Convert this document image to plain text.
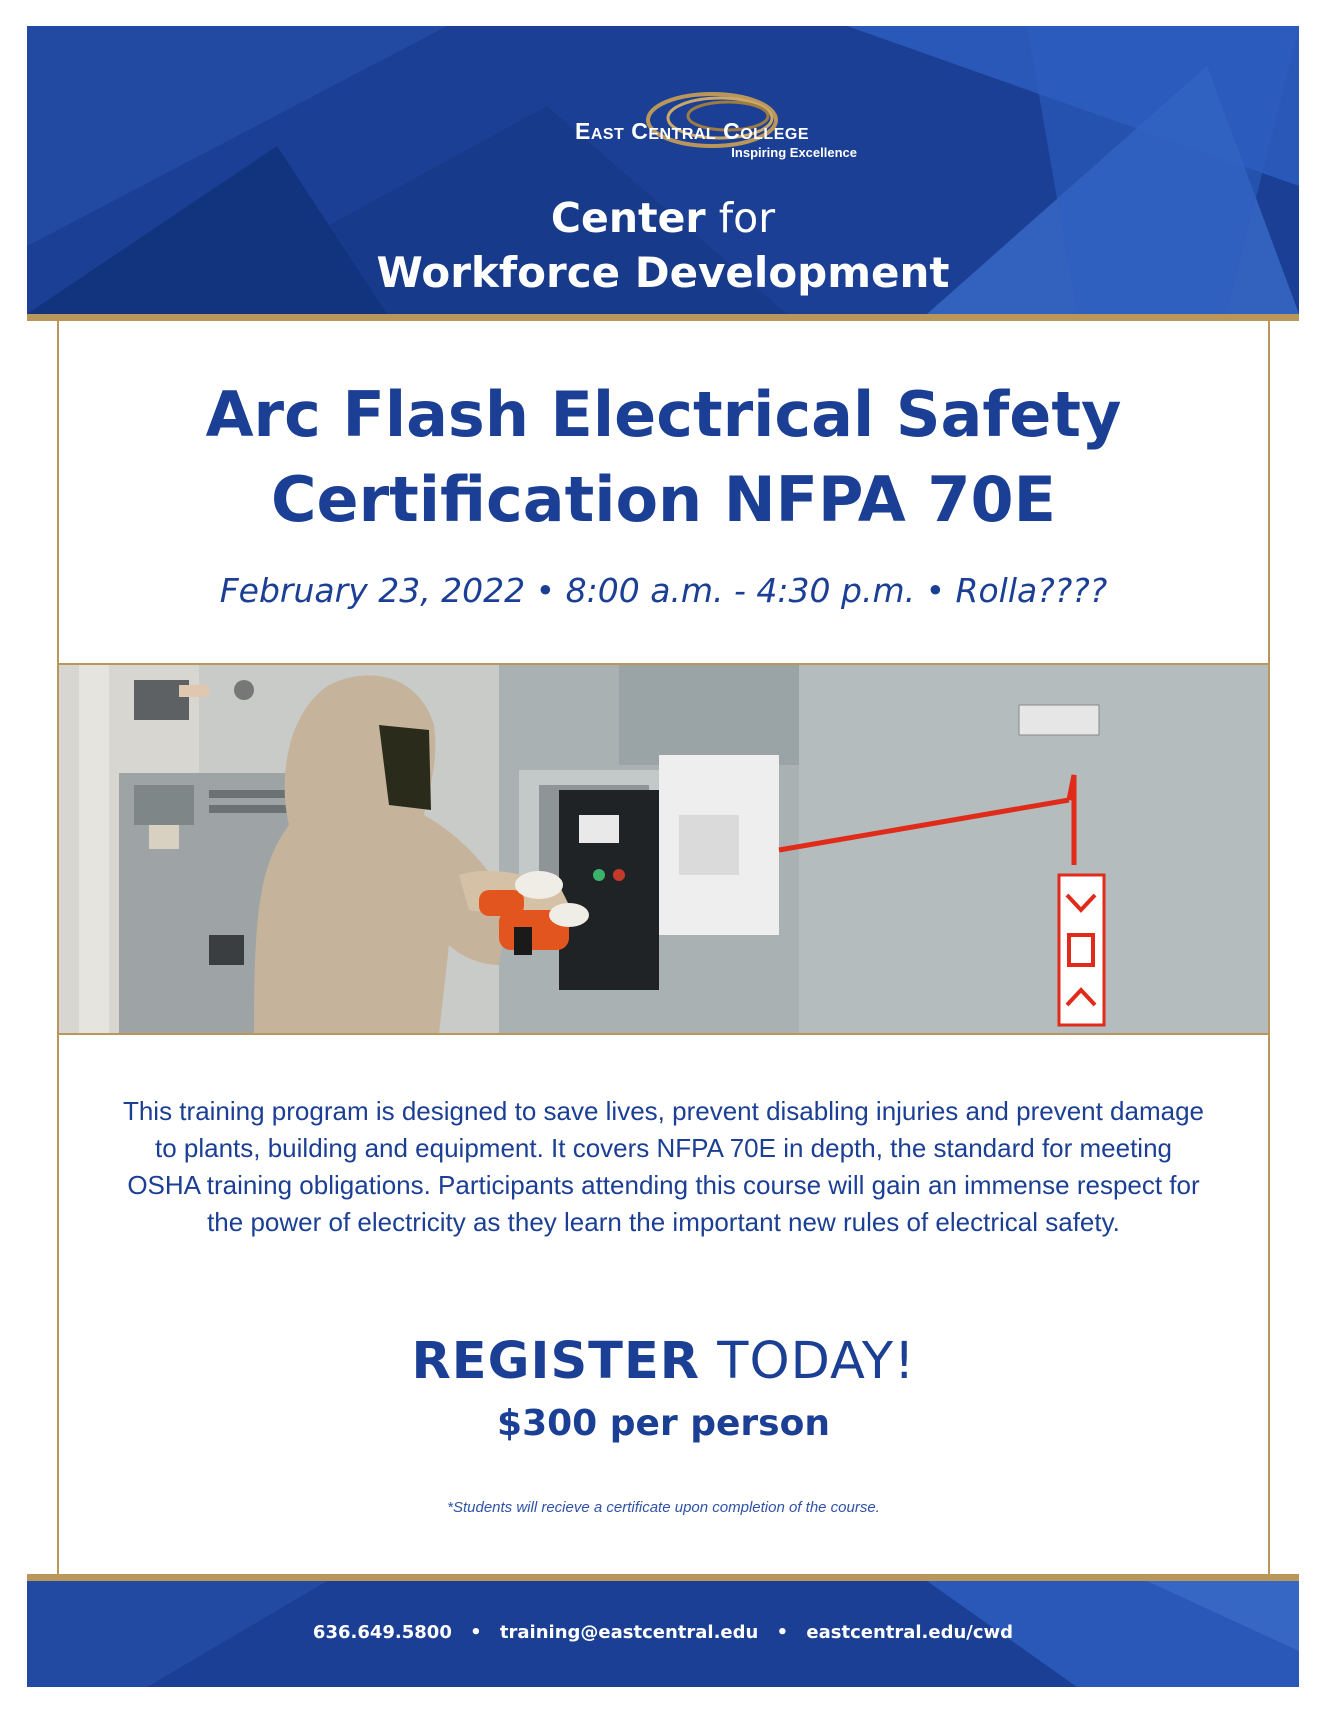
East Central College
Inspiring Excellence
Center for
Workforce Development
Arc Flash Electrical Safety
Certification NFPA 70E
February 23, 2022 • 8:00 a.m. - 4:30 p.m. • Rolla????
This training program is designed to save lives, prevent disabling injuries and prevent damage to plants, building and equipment. It covers NFPA 70E in depth, the standard for meeting OSHA training obligations. Participants attending this course will gain an immense respect for the power of electricity as they learn the important new rules of electrical safety.
REGISTER TODAY!
$300 per person
*Students will recieve a certificate upon completion of the course.
636.649.5800 • training@eastcentral.edu • eastcentral.edu/cwd
